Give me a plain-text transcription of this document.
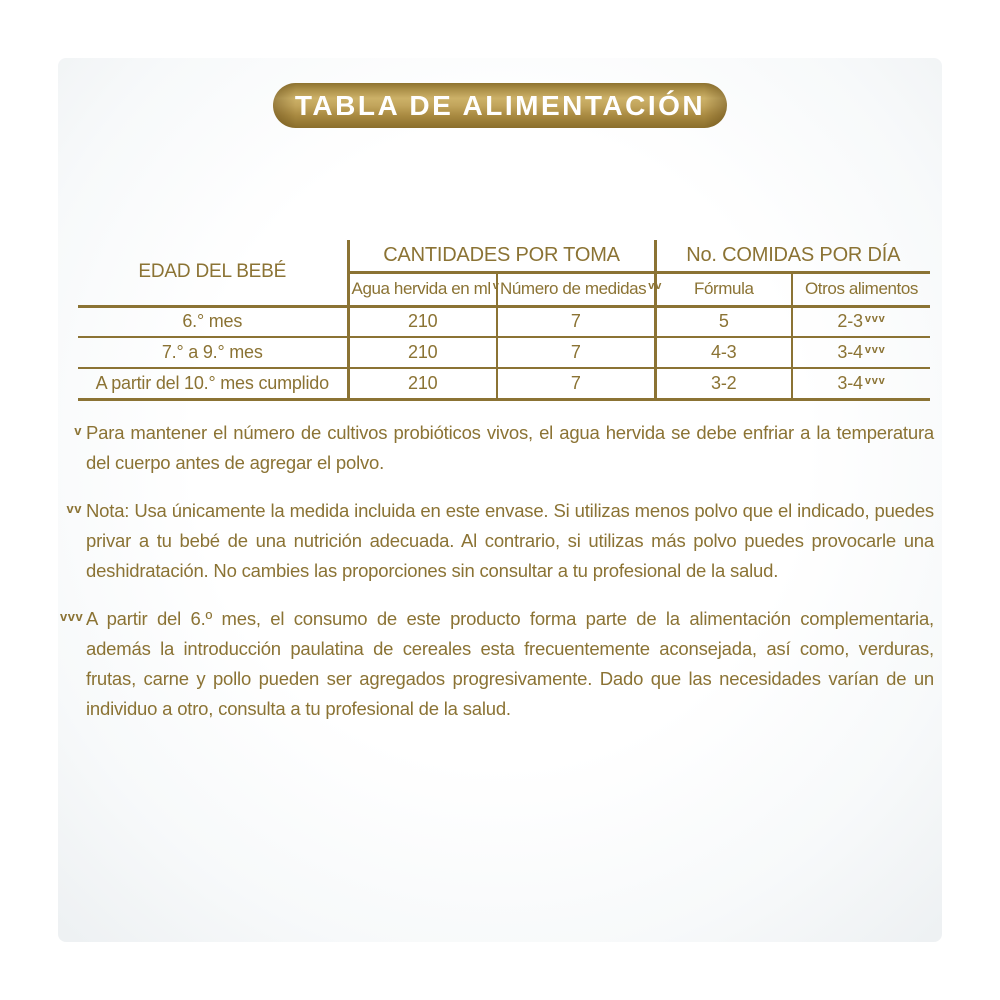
TABLA DE ALIMENTACIÓN
EDAD DEL BEBÉ	CANTIDADES POR TOMA		No. COMIDAS POR DÍA	
	Agua hervida en ml $^v$	Número de medidas $^{vv}$	Fórmula	Otros alimentos
6.° mes	210	7	5	2-3 $^{vvv}$
7.° a 9.° mes	210	7	4-3	3-4 $^{vvv}$
A partir del 10.° mes cumplido	210	7	3-2	3-4 $^{vvv}$

v Para mantener el número de cultivos probióticos vivos, el agua hervida se debe enfriar a la temperatura del cuerpo antes de agregar el polvo.

vv Nota: Usa únicamente la medida incluida en este envase. Si utilizas menos polvo que el indicado, puedes privar a tu bebé de una nutrición adecuada. Al contrario, si utilizas más polvo puedes provocarle una deshidratación. No cambies las proporciones sin consultar a tu profesional de la salud.

vvv A partir del 6.º mes, el consumo de este producto forma parte de la alimentación complementaria, además la introducción paulatina de cereales esta frecuentemente aconsejada, así como, verduras, frutas, carne y pollo pueden ser agregados progresivamente. Dado que las necesidades varían de un individuo a otro, consulta a tu profesional de la salud.
